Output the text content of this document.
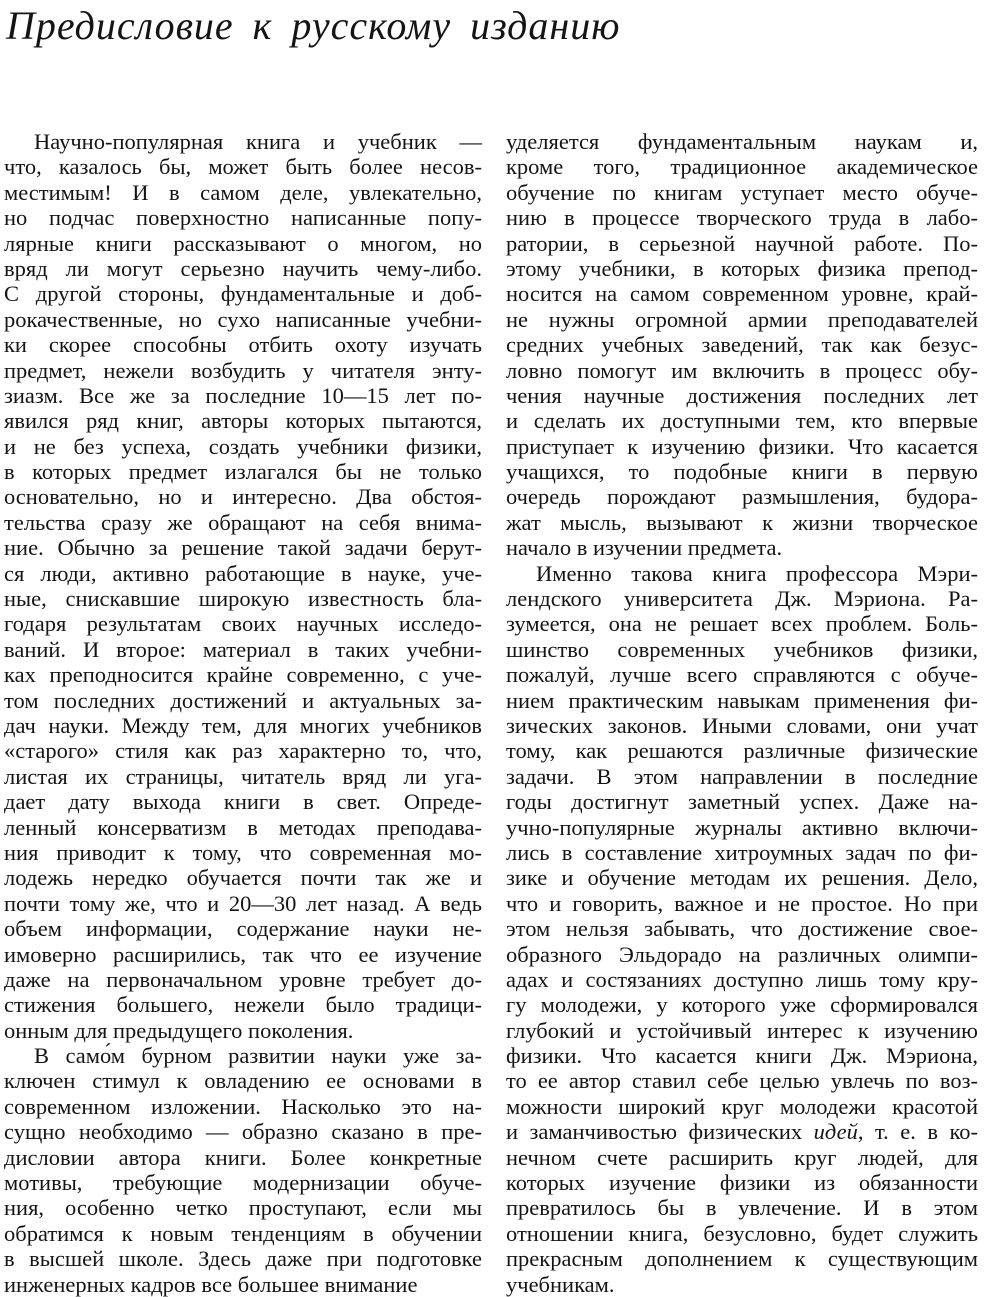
Предисловие к русскому изданию
Научно-популярная книга и учебник —
что, казалось бы, может быть более несов-
местимым! И в самом деле, увлекательно,
но подчас поверхностно написанные попу-
лярные книги рассказывают о многом, но
вряд ли могут серьезно научить чему-либо.
С другой стороны, фундаментальные и доб-
рокачественные, но сухо написанные учебни-
ки скорее способны отбить охоту изучать
предмет, нежели возбудить у читателя энту-
зиазм. Все же за последние 10—15 лет по-
явился ряд книг, авторы которых пытаются,
и не без успеха, создать учебники физики,
в которых предмет излагался бы не только
основательно, но и интересно. Два обстоя-
тельства сразу же обращают на себя внима-
ние. Обычно за решение такой задачи берут-
ся люди, активно работающие в науке, уче-
ные, снискавшие широкую известность бла-
годаря результатам своих научных исследо-
ваний. И второе: материал в таких учебни-
ках преподносится крайне современно, с уче-
том последних достижений и актуальных за-
дач науки. Между тем, для многих учебников
«старого» стиля как раз характерно то, что,
листая их страницы, читатель вряд ли уга-
дает дату выхода книги в свет. Опреде-
ленный консерватизм в методах преподава-
ния приводит к тому, что современная мо-
лодежь нередко обучается почти так же и
почти тому же, что и 20—30 лет назад. А ведь
объем информации, содержание науки не-
имоверно расширились, так что ее изучение
даже на первоначальном уровне требует до-
стижения большего, нежели было традици-
онным для предыдущего поколения.
В само́м бурном развитии науки уже за-
ключен стимул к овладению ее основами в
современном изложении. Насколько это на-
сущно необходимо — образно сказано в пре-
дисловии автора книги. Более конкретные
мотивы, требующие модернизации обуче-
ния, особенно четко проступают, если мы
обратимся к новым тенденциям в обучении
в высшей школе. Здесь даже при подготовке
инженерных кадров все большее внимание
уделяется фундаментальным наукам и,
кроме того, традиционное академическое
обучение по книгам уступает место обуче-
нию в процессе творческого труда в лабо-
ратории, в серьезной научной работе. По-
этому учебники, в которых физика препод-
носится на самом современном уровне, край-
не нужны огромной армии преподавателей
средних учебных заведений, так как безус-
ловно помогут им включить в процесс обу-
чения научные достижения последних лет
и сделать их доступными тем, кто впервые
приступает к изучению физики. Что касается
учащихся, то подобные книги в первую
очередь порождают размышления, будора-
жат мысль, вызывают к жизни творческое
начало в изучении предмета.
Именно такова книга профессора Мэри-
лендского университета Дж. Мэриона. Ра-
зумеется, она не решает всех проблем. Боль-
шинство современных учебников физики,
пожалуй, лучше всего справляются с обуче-
нием практическим навыкам применения фи-
зических законов. Иными словами, они учат
тому, как решаются различные физические
задачи. В этом направлении в последние
годы достигнут заметный успех. Даже на-
учно-популярные журналы активно включи-
лись в составление хитроумных задач по фи-
зике и обучение методам их решения. Дело,
что и говорить, важное и не простое. Но при
этом нельзя забывать, что достижение свое-
образного Эльдорадо на различных олимпи-
адах и состязаниях доступно лишь тому кру-
гу молодежи, у которого уже сформировался
глубокий и устойчивый интерес к изучению
физики. Что касается книги Дж. Мэриона,
то ее автор ставил себе целью увлечь по воз-
можности широкий круг молодежи красотой
и заманчивостью физических идей, т. е. в ко-
нечном счете расширить круг людей, для
которых изучение физики из обязанности
превратилось бы в увлечение. И в этом
отношении книга, безусловно, будет служить
прекрасным дополнением к существующим
учебникам.
